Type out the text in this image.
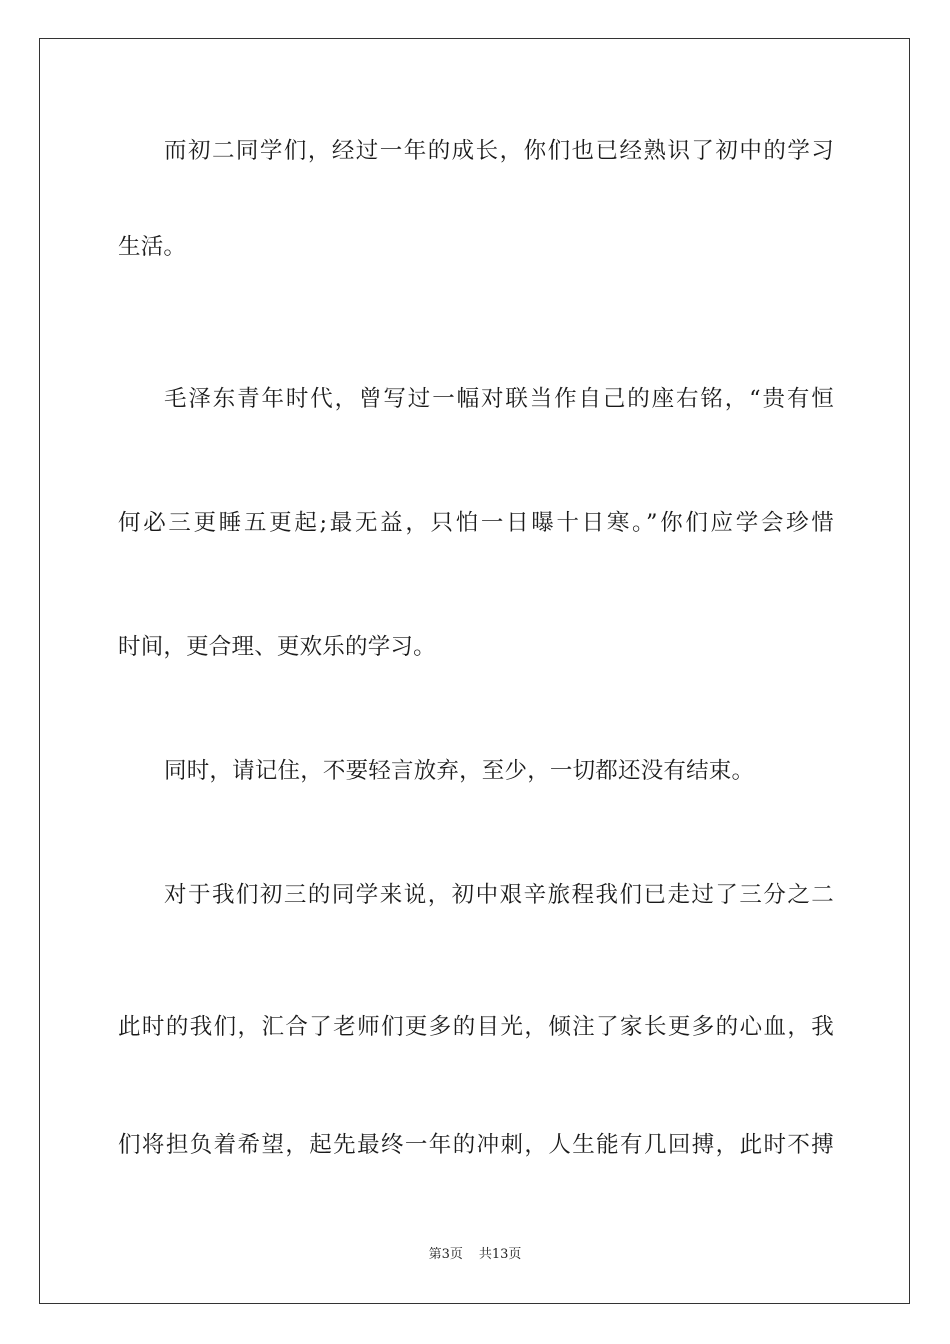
而初二同学们，经过一年的成长，你们也已经熟识了初中的学习
生活。
毛泽东青年时代，曾写过一幅对联当作自己的座右铭，“贵有恒
何必三更睡五更起;最无益，只怕一日曝十日寒。”你们应学会珍惜
时间，更合理、更欢乐的学习。
同时，请记住，不要轻言放弃，至少，一切都还没有结束。
对于我们初三的同学来说，初中艰辛旅程我们已走过了三分之二
此时的我们，汇合了老师们更多的目光，倾注了家长更多的心血，我
们将担负着希望，起先最终一年的冲刺，人生能有几回搏，此时不搏
第3页 共13页
